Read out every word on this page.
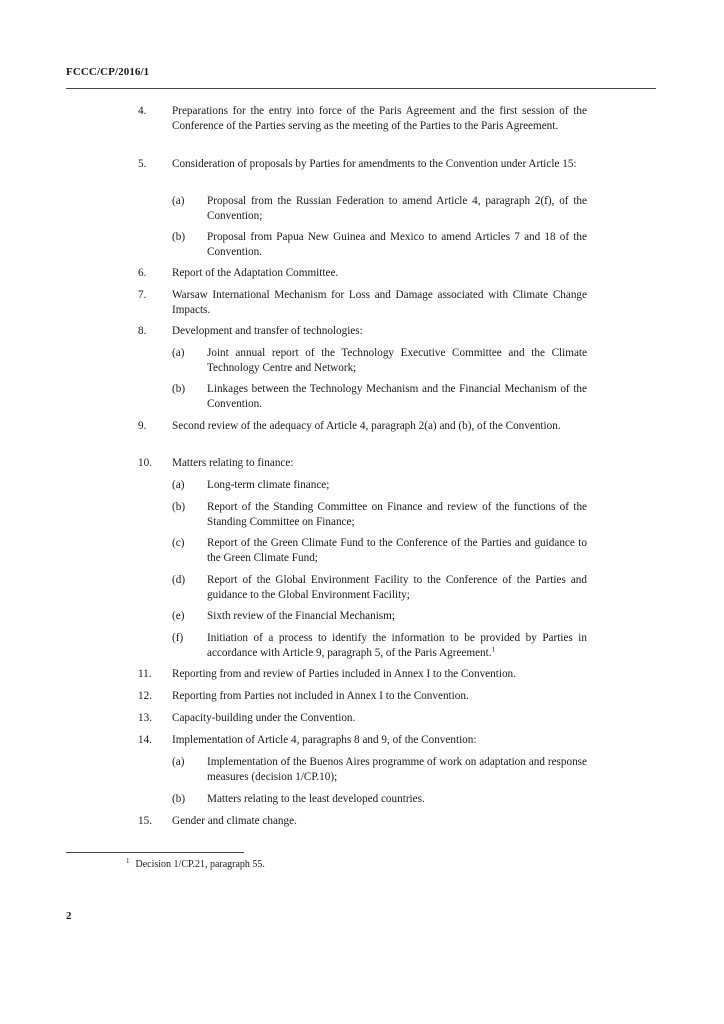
FCCC/CP/2016/1
4. Preparations for the entry into force of the Paris Agreement and the first session of the Conference of the Parties serving as the meeting of the Parties to the Paris Agreement.
5. Consideration of proposals by Parties for amendments to the Convention under Article 15:
(a) Proposal from the Russian Federation to amend Article 4, paragraph 2(f), of the Convention;
(b) Proposal from Papua New Guinea and Mexico to amend Articles 7 and 18 of the Convention.
6. Report of the Adaptation Committee.
7. Warsaw International Mechanism for Loss and Damage associated with Climate Change Impacts.
8. Development and transfer of technologies:
(a) Joint annual report of the Technology Executive Committee and the Climate Technology Centre and Network;
(b) Linkages between the Technology Mechanism and the Financial Mechanism of the Convention.
9. Second review of the adequacy of Article 4, paragraph 2(a) and (b), of the Convention.
10. Matters relating to finance:
(a) Long-term climate finance;
(b) Report of the Standing Committee on Finance and review of the functions of the Standing Committee on Finance;
(c) Report of the Green Climate Fund to the Conference of the Parties and guidance to the Green Climate Fund;
(d) Report of the Global Environment Facility to the Conference of the Parties and guidance to the Global Environment Facility;
(e) Sixth review of the Financial Mechanism;
(f) Initiation of a process to identify the information to be provided by Parties in accordance with Article 9, paragraph 5, of the Paris Agreement.$^1$
11. Reporting from and review of Parties included in Annex I to the Convention.
12. Reporting from Parties not included in Annex I to the Convention.
13. Capacity-building under the Convention.
14. Implementation of Article 4, paragraphs 8 and 9, of the Convention:
(a) Implementation of the Buenos Aires programme of work on adaptation and response measures (decision 1/CP.10);
(b) Matters relating to the least developed countries.
15. Gender and climate change.
$^1$ Decision 1/CP.21, paragraph 55.
2
